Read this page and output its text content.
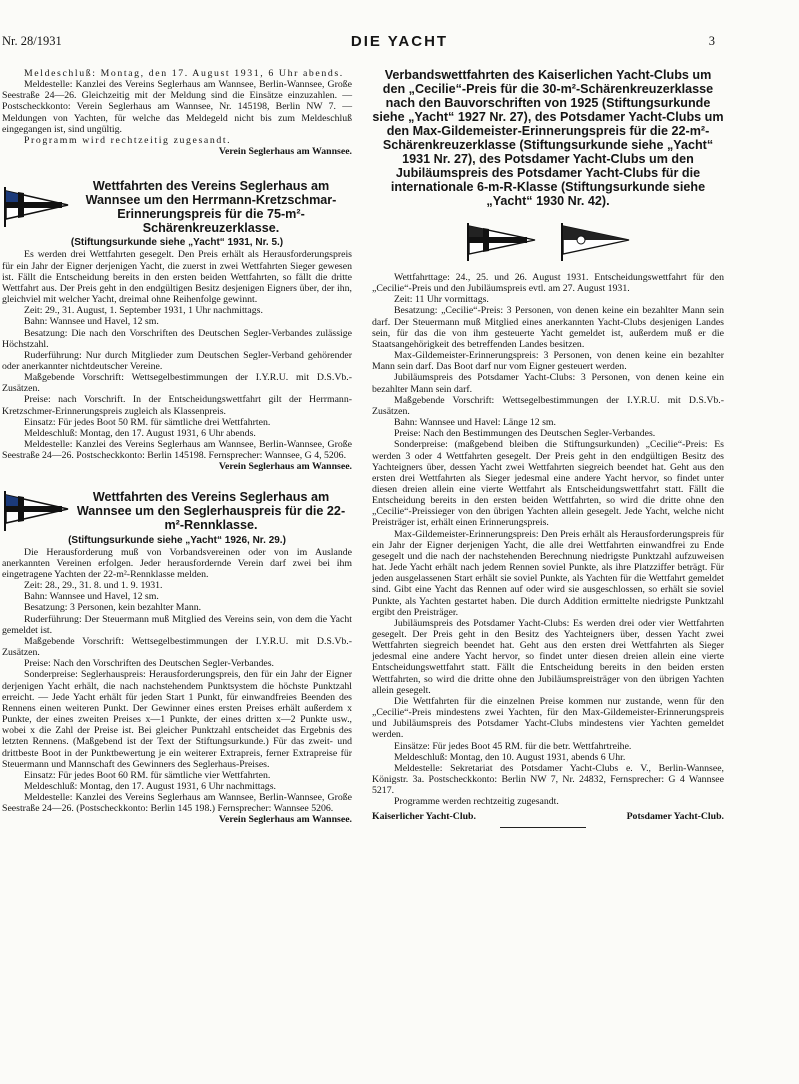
Nr. 28/1931	DIE YACHT	3

Meldeschluß: Montag, den 17. August 1931, 6 Uhr abends.

Meldestelle: Kanzlei des Vereins Seglerhaus am Wannsee, Berlin-Wannsee, Große Seestraße 24—26. Gleichzeitig mit der Meldung sind die Einsätze einzuzahlen. — Postscheckkonto: Verein Seglerhaus am Wannsee, Nr. 145198, Berlin NW 7. — Meldungen von Yachten, für welche das Meldegeld nicht bis zum Meldeschluß eingegangen ist, sind ungültig.

Programm wird rechtzeitig zugesandt.

Verein Seglerhaus am Wannsee.

Wettfahrten des Vereins Seglerhaus am Wannsee um den Herrmann-Kretzschmar-Erinnerungspreis für die 75-m²-Schärenkreuzerklasse.
(Stiftungsurkunde siehe „Yacht“ 1931, Nr. 5.)

Es werden drei Wettfahrten gesegelt. Den Preis erhält als Herausforderungspreis für ein Jahr der Eigner derjenigen Yacht, die zuerst in zwei Wettfahrten Sieger gewesen ist. Fällt die Entscheidung bereits in den ersten beiden Wettfahrten, so fällt die dritte Wettfahrt aus. Der Preis geht in den endgültigen Besitz desjenigen Eigners über, der ihn, gleichviel mit welcher Yacht, dreimal ohne Reihenfolge gewinnt.

Zeit: 29., 31. August, 1. September 1931, 1 Uhr nachmittags.

Bahn: Wannsee und Havel, 12 sm.

Besatzung: Die nach den Vorschriften des Deutschen Segler-Verbandes zulässige Höchstzahl.

Ruderführung: Nur durch Mitglieder zum Deutschen Segler-Verband gehörender oder anerkannter nichtdeutscher Vereine.

Maßgebende Vorschrift: Wettsegelbestimmungen der I.Y.R.U. mit D.S.Vb.-Zusätzen.

Preise: nach Vorschrift. In der Entscheidungswettfahrt gilt der Herrmann-Kretzschmer-Erinnerungspreis zugleich als Klassenpreis.

Einsatz: Für jedes Boot 50 RM. für sämtliche drei Wettfahrten.

Meldeschluß: Montag, den 17. August 1931, 6 Uhr abends.

Meldestelle: Kanzlei des Vereins Seglerhaus am Wannsee, Berlin-Wannsee, Große Seestraße 24—26. Postscheckkonto: Berlin 145198. Fernsprecher: Wannsee, G 4, 5206.

Verein Seglerhaus am Wannsee.

Wettfahrten des Vereins Seglerhaus am Wannsee um den Seglerhauspreis für die 22-m²-Rennklasse.
(Stiftungsurkunde siehe „Yacht“ 1926, Nr. 29.)

Die Herausforderung muß von Vorbandsvereinen oder von im Auslande anerkannten Vereinen erfolgen. Jeder herausfordernde Verein darf zwei bei ihm eingetragene Yachten der 22-m²-Rennklasse melden.

Zeit: 28., 29., 31. 8. und 1. 9. 1931.

Bahn: Wannsee und Havel, 12 sm.

Besatzung: 3 Personen, kein bezahlter Mann.

Ruderführung: Der Steuermann muß Mitglied des Vereins sein, von dem die Yacht gemeldet ist.

Maßgebende Vorschrift: Wettsegelbestimmungen der I.Y.R.U. mit D.S.Vb.-Zusätzen.

Preise: Nach den Vorschriften des Deutschen Segler-Verbandes.

Sonderpreise: Seglerhauspreis: Herausforderungspreis, den für ein Jahr der Eigner derjenigen Yacht erhält, die nach nachstehendem Punktsystem die höchste Punktzahl erreicht. — Jede Yacht erhält für jeden Start 1 Punkt, für einwandfreies Beenden des Rennens einen weiteren Punkt. Der Gewinner eines ersten Preises erhält außerdem x Punkte, der eines zweiten Preises x—1 Punkte, der eines dritten x—2 Punkte usw., wobei x die Zahl der Preise ist. Bei gleicher Punktzahl entscheidet das Ergebnis des letzten Rennens. (Maßgebend ist der Text der Stiftungsurkunde.) Für das zweit- und drittbeste Boot in der Punktbewertung je ein weiterer Extrapreis, ferner Extrapreise für Steuermann und Mannschaft des Gewinners des Seglerhaus-Preises.

Einsatz: Für jedes Boot 60 RM. für sämtliche vier Wettfahrten.

Meldeschluß: Montag, den 17. August 1931, 6 Uhr nachmittags.

Meldestelle: Kanzlei des Vereins Seglerhaus am Wannsee, Berlin-Wannsee, Große Seestraße 24—26. (Postscheckkonto: Berlin 145 198.) Fernsprecher: Wannsee 5206.

Verein Seglerhaus am Wannsee.

Verbandswettfahrten des Kaiserlichen Yacht-Clubs um den „Cecilie“-Preis für die 30-m²-Schärenkreuzerklasse nach den Bauvorschriften von 1925 (Stiftungsurkunde siehe „Yacht“ 1927 Nr. 27), des Potsdamer Yacht-Clubs um den Max-Gildemeister-Erinnerungspreis für die 22-m²-Schärenkreuzerklasse (Stiftungsurkunde siehe „Yacht“ 1931 Nr. 27), des Potsdamer Yacht-Clubs um den Jubiläumspreis des Potsdamer Yacht-Clubs für die internationale 6-m-R-Klasse (Stiftungsurkunde siehe „Yacht“ 1930 Nr. 42).

Wettfahrttage: 24., 25. und 26. August 1931. Entscheidungswettfahrt für den „Cecilie“-Preis und den Jubiläumspreis evtl. am 27. August 1931.

Zeit: 11 Uhr vormittags.

Besatzung: „Cecilie“-Preis: 3 Personen, von denen keine ein bezahlter Mann sein darf. Der Steuermann muß Mitglied eines anerkannten Yacht-Clubs desjenigen Landes sein, für das die von ihm gesteuerte Yacht gemeldet ist, außerdem muß er die Staatsangehörigkeit des betreffenden Landes besitzen.

Max-Gildemeister-Erinnerungspreis: 3 Personen, von denen keine ein bezahlter Mann sein darf. Das Boot darf nur vom Eigner gesteuert werden.

Jubiläumspreis des Potsdamer Yacht-Clubs: 3 Personen, von denen keine ein bezahlter Mann sein darf.

Maßgebende Vorschrift: Wettsegelbestimmungen der I.Y.R.U. mit D.S.Vb.-Zusätzen.

Bahn: Wannsee und Havel: Länge 12 sm.

Preise: Nach den Bestimmungen des Deutschen Segler-Verbandes.

Sonderpreise: (maßgebend bleiben die Stiftungsurkunden) „Cecilie“-Preis: Es werden 3 oder 4 Wettfahrten gesegelt. Der Preis geht in den endgültigen Besitz des Yachteigners über, dessen Yacht zwei Wettfahrten siegreich beendet hat. Geht aus den ersten drei Wettfahrten als Sieger jedesmal eine andere Yacht hervor, so findet unter diesen dreien allein eine vierte Wettfahrt als Entscheidungswettfahrt statt. Fällt die Entscheidung bereits in den ersten beiden Wettfahrten, so wird die dritte ohne den „Cecilie“-Preissieger von den übrigen Yachten allein gesegelt. Jede Yacht, welche nicht Preisträger ist, erhält einen Erinnerungspreis.

Max-Gildemeister-Erinnerungspreis: Den Preis erhält als Herausforderungspreis für ein Jahr der Eigner derjenigen Yacht, die alle drei Wettfahrten einwandfrei zu Ende gesegelt und die nach der nachstehenden Berechnung niedrigste Punktzahl aufzuweisen hat. Jede Yacht erhält nach jedem Rennen soviel Punkte, als ihre Platzziffer beträgt. Für jeden ausgelassenen Start erhält sie soviel Punkte, als Yachten für die Wettfahrt gemeldet sind. Gibt eine Yacht das Rennen auf oder wird sie ausgeschlossen, so erhält sie soviel Punkte, als Yachten gestartet haben. Die durch Addition ermittelte niedrigste Punktzahl ergibt den Preisträger.

Jubiläumspreis des Potsdamer Yacht-Clubs: Es werden drei oder vier Wettfahrten gesegelt. Der Preis geht in den Besitz des Yachteigners über, dessen Yacht zwei Wettfahrten siegreich beendet hat. Geht aus den ersten drei Wettfahrten als Sieger jedesmal eine andere Yacht hervor, so findet unter diesen dreien allein eine vierte Entscheidungswettfahrt statt. Fällt die Entscheidung bereits in den beiden ersten Wettfahrten, so wird die dritte ohne den Jubiläumspreisträger von den übrigen Yachten allein gesegelt.

Die Wettfahrten für die einzelnen Preise kommen nur zustande, wenn für den „Cecilie“-Preis mindestens zwei Yachten, für den Max-Gildemeister-Erinnerungspreis und Jubiläumspreis des Potsdamer Yacht-Clubs mindestens vier Yachten gemeldet werden.

Einsätze: Für jedes Boot 45 RM. für die betr. Wettfahrtreihe.

Meldeschluß: Montag, den 10. August 1931, abends 6 Uhr.

Meldestelle: Sekretariat des Potsdamer Yacht-Clubs e. V., Berlin-Wannsee, Königstr. 3a. Postscheckkonto: Berlin NW 7, Nr. 24832, Fernsprecher: G 4 Wannsee 5217.

Programme werden rechtzeitig zugesandt.

Kaiserlicher Yacht-Club.	Potsdamer Yacht-Club.
